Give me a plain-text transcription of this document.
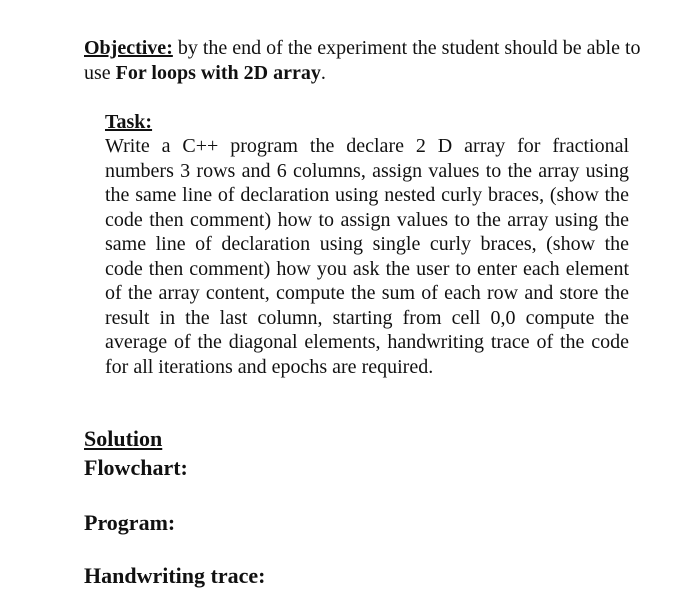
Objective: by the end of the experiment the student should be able to use For loops with 2D array.
Task:

Write a C++ program the declare 2 D array for fractional numbers 3 rows and 6 columns, assign values to the array using the same line of declaration using nested curly braces, (show the code then comment) how to assign values to the array using the same line of declaration using single curly braces, (show the code then comment) how you ask the user to enter each element of the array content, compute the sum of each row and store the result in the last column, starting from cell 0,0 compute the average of the diagonal elements, handwriting trace of the code for all iterations and epochs are required.

Solution
Flowchart:
Program:
Handwriting trace:
